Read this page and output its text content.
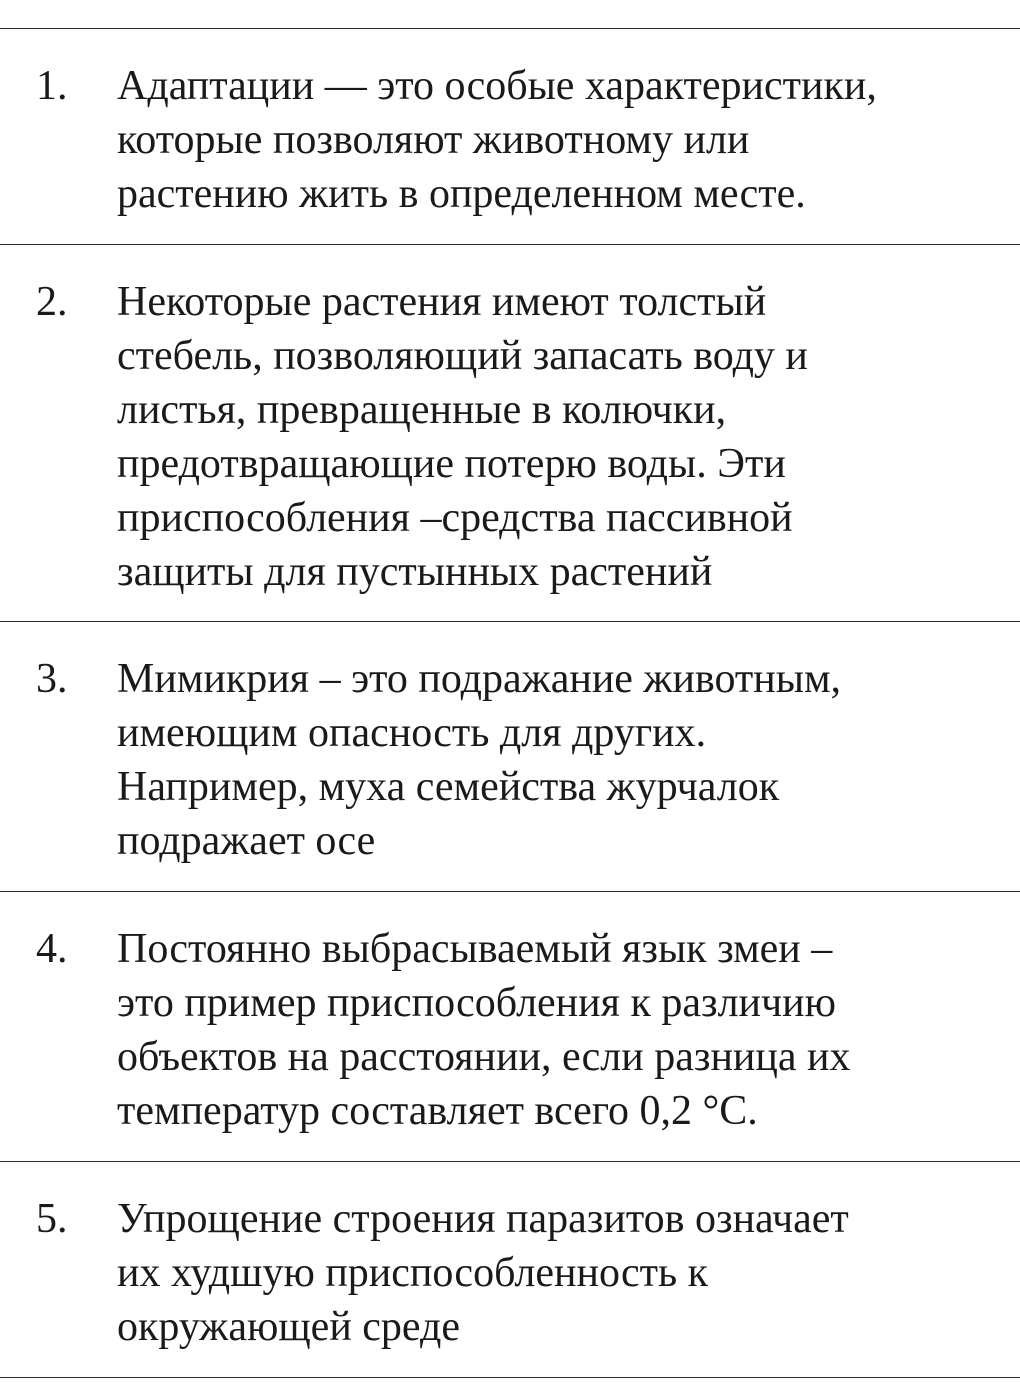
1. Адаптации — это особые характеристики,
которые позволяют животному или
растению жить в определенном месте.
2. Некоторые растения имеют толстый
стебель, позволяющий запасать воду и
листья, превращенные в колючки,
предотвращающие потерю воды. Эти
приспособления –средства пассивной
защиты для пустынных растений
3. Мимикрия – это подражание животным,
имеющим опасность для других.
Например, муха семейства журчалок
подражает осе
4. Постоянно выбрасываемый язык змеи –
это пример приспособления к различию
объектов на расстоянии, если разница их
температур составляет всего 0,2 °C.
5. Упрощение строения паразитов означает
их худшую приспособленность к
окружающей среде
